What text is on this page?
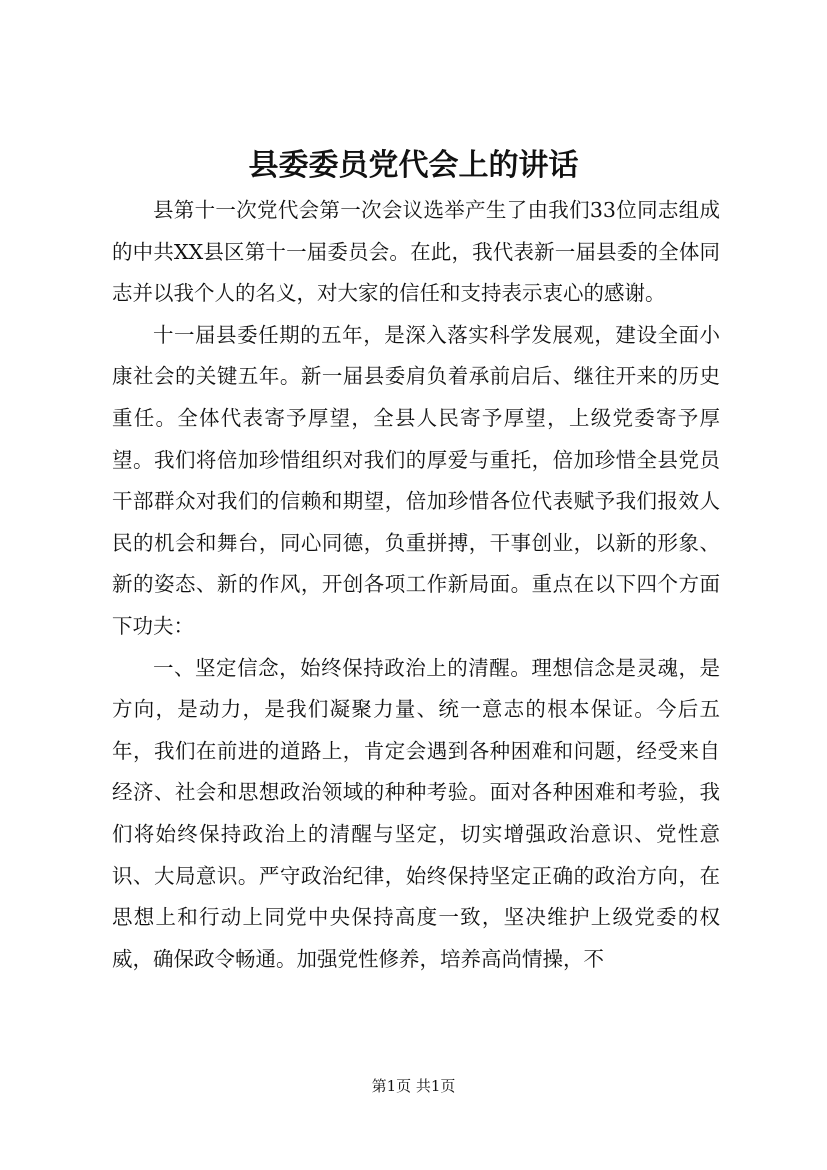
县委委员党代会上的讲话

县第十一次党代会第一次会议选举产生了由我们33位同志组成的中共XX县区第十一届委员会。在此，我代表新一届县委的全体同志并以我个人的名义，对大家的信任和支持表示衷心的感谢。

十一届县委任期的五年，是深入落实科学发展观，建设全面小康社会的关键五年。新一届县委肩负着承前启后、继往开来的历史重任。全体代表寄予厚望，全县人民寄予厚望，上级党委寄予厚望。我们将倍加珍惜组织对我们的厚爱与重托，倍加珍惜全县党员干部群众对我们的信赖和期望，倍加珍惜各位代表赋予我们报效人民的机会和舞台，同心同德，负重拼搏，干事创业，以新的形象、新的姿态、新的作风，开创各项工作新局面。重点在以下四个方面下功夫：

一、坚定信念，始终保持政治上的清醒。理想信念是灵魂，是方向，是动力，是我们凝聚力量、统一意志的根本保证。今后五年，我们在前进的道路上，肯定会遇到各种困难和问题，经受来自经济、社会和思想政治领域的种种考验。面对各种困难和考验，我们将始终保持政治上的清醒与坚定，切实增强政治意识、党性意识、大局意识。严守政治纪律，始终保持坚定正确的政治方向，在思想上和行动上同党中央保持高度一致，坚决维护上级党委的权威，确保政令畅通。加强党性修养，培养高尚情操，不

第1页 共1页
